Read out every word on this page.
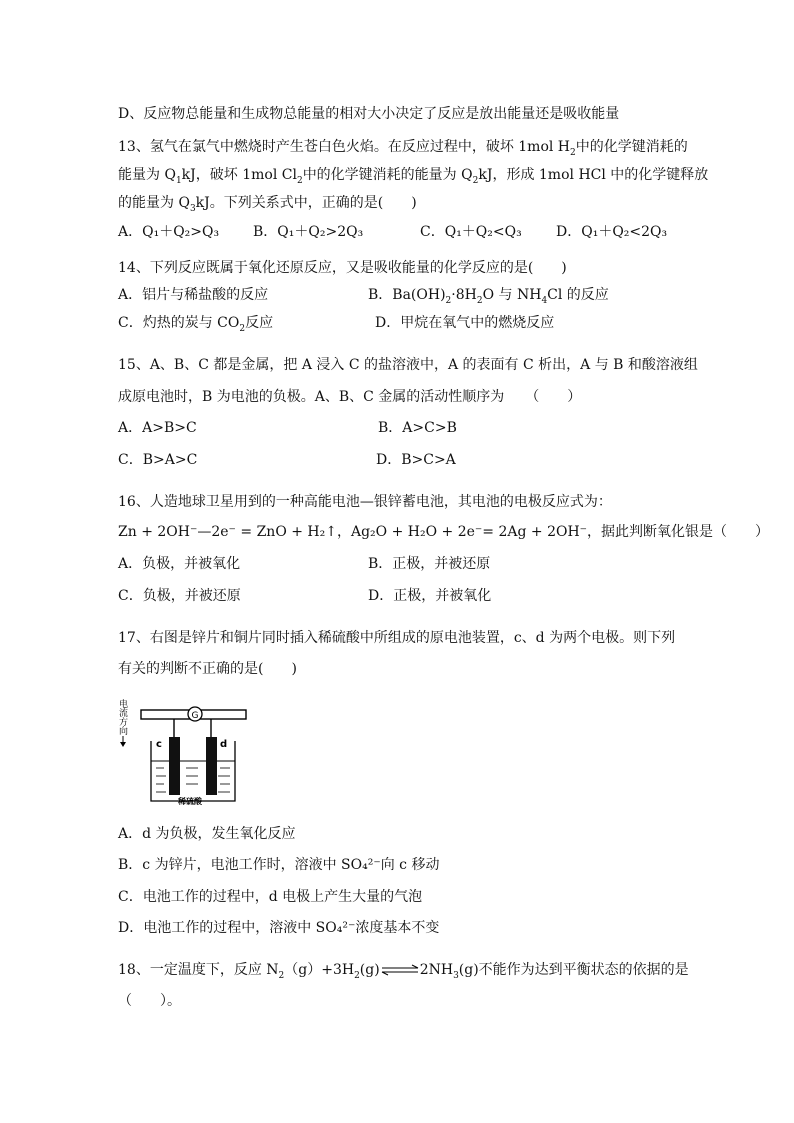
D、反应物总能量和生成物总能量的相对大小决定了反应是放出能量还是吸收能量
13、氢气在氯气中燃烧时产生苍白色火焰。在反应过程中，破坏 1mol $H_2$中的化学键消耗的
能量为 $Q_1kJ$，破坏 1mol $Cl_2$中的化学键消耗的能量为 $Q_2kJ$，形成 1mol HCl 中的化学键释放
的能量为 $Q_3kJ$。下列关系式中，正确的是(　　)
A．Q₁＋Q₂>Q₃ B．Q₁＋Q₂>2Q₃	C．Q₁＋Q₂<Q₃ D．Q₁＋Q₂<2Q₃
14、下列反应既属于氧化还原反应，又是吸收能量的化学反应的是(　　)
A．铝片与稀盐酸的反应	B．$Ba(OH)_2\cdot 8H_2O$ 与 $NH_4Cl$ 的反应
C．灼热的炭与 $CO_2$反应	D．甲烷在氧气中的燃烧反应
15、A、B、C 都是金属，把 A 浸入 C 的盐溶液中，A 的表面有 C 析出，A 与 B 和酸溶液组
成原电池时，B 为电池的负极。A、B、C 金属的活动性顺序为　　（　　）
A．A>B>C	B．A>C>B
C．B>A>C	D．B>C>A
16、人造地球卫星用到的一种高能电池—银锌蓄电池，其电池的电极反应式为：
Zn + 2OH⁻—2e⁻ = ZnO + H₂↑，Ag₂O + H₂O + 2e⁻= 2Ag + 2OH⁻，据此判断氧化银是（　　）
A．负极，并被氧化	B．正极，并被还原
C．负极，并被还原	D．正极，并被氧化
17、右图是锌片和铜片同时插入稀硫酸中所组成的原电池装置，c、d 为两个电极。则下列
有关的判断不正确的是(　　)
电
流
方
向
G
c	d
稀硫酸
A．d 为负极，发生氧化反应
B．c 为锌片，电池工作时，溶液中 SO₄²⁻向 c 移动
C．电池工作的过程中，d 电极上产生大量的气泡
D．电池工作的过程中，溶液中 SO₄²⁻浓度基本不变
18、一定温度下，反应 $N_2(g)+3H_2(g)\rightleftharpoons 2NH_3(g)$不能作为达到平衡状态的依据的是
（　　）。
